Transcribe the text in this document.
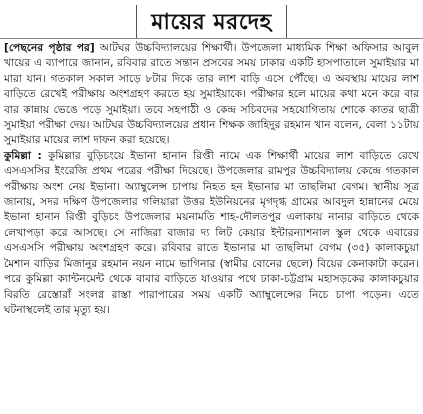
মায়ের মরদেহ

[পেছনের পৃষ্ঠার পর] আটঘর উচ্চবিদ্যালয়ের শিক্ষার্থী। উপজেলা মাধ্যমিক শিক্ষা অফিসার আবুল খায়ের এ ব্যাপারে জানান, রবিবার রাতে সন্তান প্রসবের সময় ঢাকার একটি হাসপাতালে সুমাইয়ার মা মারা যান। গতকাল সকাল সাড়ে ৮টার দিকে তার লাশ বাড়ি এসে পৌঁছে। এ অবস্থায় মায়ের লাশ বাড়িতে রেখেই পরীক্ষায় অংশগ্রহণ করতে হয় সুমাইয়াকে। পরীক্ষার হলে মায়ের কথা মনে করে বার বার কান্নায় ভেঙে পড়ে সুমাইয়া। তবে সহপাঠী ও কেন্দ্র সচিবদের সহযোগিতায় শোকে কাতর ছাত্রী সুমাইয়া পরীক্ষা দেয়। আটঘর উচ্চবিদ্যালয়ের প্রধান শিক্ষক জাহিদুর রহমান খান বলেন, বেলা ১১টায় সুমাইয়ার মায়ের লাশ দাফন করা হয়েছে।

কুমিল্লা : কুমিল্লার বুড়িচংয়ে ইভানা হানান রিপ্তী নামে এক শিক্ষার্থী মায়ের লাশ বাড়িতে রেখে এসএসসির ইংরেজি প্রথম পত্রের পরীক্ষা দিয়েছে। উপজেলার রামপুর উচ্চবিদ্যালয় কেন্দ্রে গতকাল পরীক্ষায় অংশ নেয় ইভানা। অ্যাম্বুলেন্স চাপায় নিহত হন ইভানার মা তাছলিমা বেগম। স্থানীয় সূত্র জানায়, সদর দক্ষিণ উপজেলার গলিয়ারা উত্তর ইউনিয়নের মৃগদৃগ্ধ গ্রামের আবদুল হান্নানের মেয়ে ইভানা হানান রিপ্তী বুড়িচং উপজেলার ময়নামতি শাহ-দৌলতপুর এলাকায় নানার বাড়িতে থেকে লেখাপড়া করে আসছে। সে নাজিরা বাজার দ্য লিট কেয়ার ইন্টারন্যাশনাল স্কুল থেকে এবারের এসএসসি পরীক্ষায় অংশগ্রহণ করে। রবিবার রাতে ইভানার মা তাছলিমা বেগম (৩৫) কালাকচুয়া মৈশান বাড়ির মিজানুর রহমান নয়ন নামে ভাগিনার (স্বামীর বোনের ছেলে) বিয়ের কেনাকাটা করেন। পরে কুমিল্লা ক্যান্টনমেন্ট থেকে বাবার বাড়িতে যাওয়ার পথে ঢাকা-চট্টগ্রাম মহাসড়কের কালাকচুয়ার বিরতি রেস্তোরাঁ সংলগ্ন রাস্তা পারাপারের সময় একটি অ্যাম্বুলেন্সের নিচে চাপা পড়েন। এতে ঘটনাস্থলেই তার মৃত্যু হয়।
